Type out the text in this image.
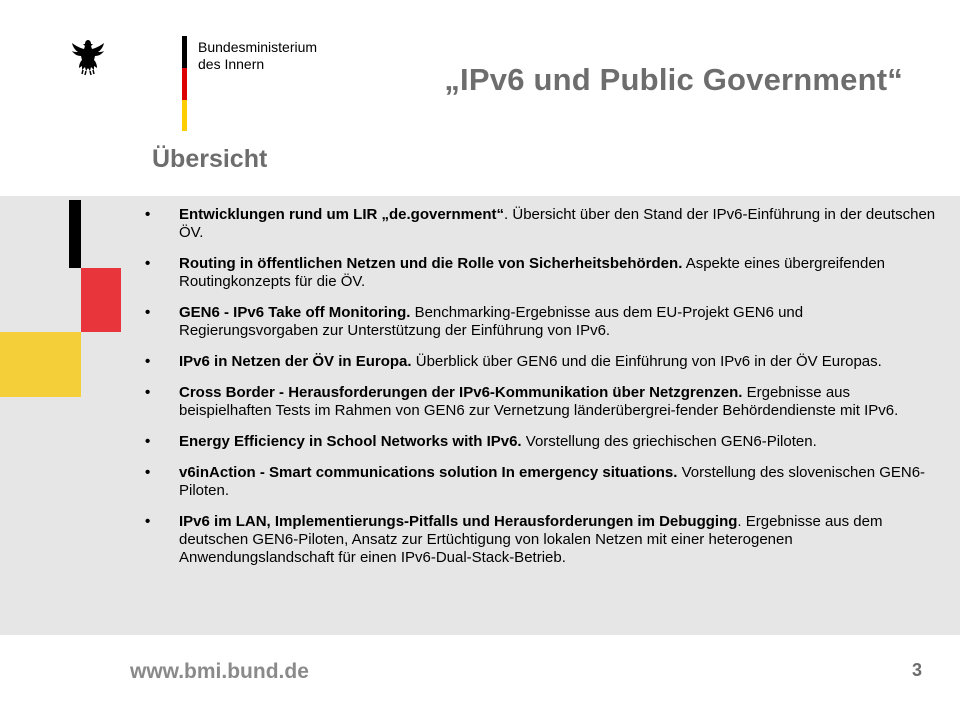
Bundesministerium
des Innern	„IPv6 und Public Government“
Übersicht
• Entwicklungen rund um LIR „de.government“. Übersicht über den Stand der IPv6-Einführung in der deutschen ÖV.
• Routing in öffentlichen Netzen und die Rolle von Sicherheitsbehörden. Aspekte eines übergreifenden Routingkonzepts für die ÖV.
• GEN6 - IPv6 Take off Monitoring. Benchmarking-Ergebnisse aus dem EU-Projekt GEN6 und Regierungsvorgaben zur Unterstützung der Einführung von IPv6.
• IPv6 in Netzen der ÖV in Europa. Überblick über GEN6 und die Einführung von IPv6 in der ÖV Europas.
• Cross Border - Herausforderungen der IPv6-Kommunikation über Netzgrenzen. Ergebnisse aus beispielhaften Tests im Rahmen von GEN6 zur Vernetzung länderübergrei-fender Behördendienste mit IPv6.
• Energy Efficiency in School Networks with IPv6. Vorstellung des griechischen GEN6-Piloten.
• v6inAction - Smart communications solution In emergency situations. Vorstellung des slovenischen GEN6-Piloten.
• IPv6 im LAN, Implementierungs-Pitfalls und Herausforderungen im Debugging. Ergebnisse aus dem deutschen GEN6-Piloten, Ansatz zur Ertüchtigung von lokalen Netzen mit einer heterogenen Anwendungslandschaft für einen IPv6-Dual-Stack-Betrieb.
www.bmi.bund.de	3
